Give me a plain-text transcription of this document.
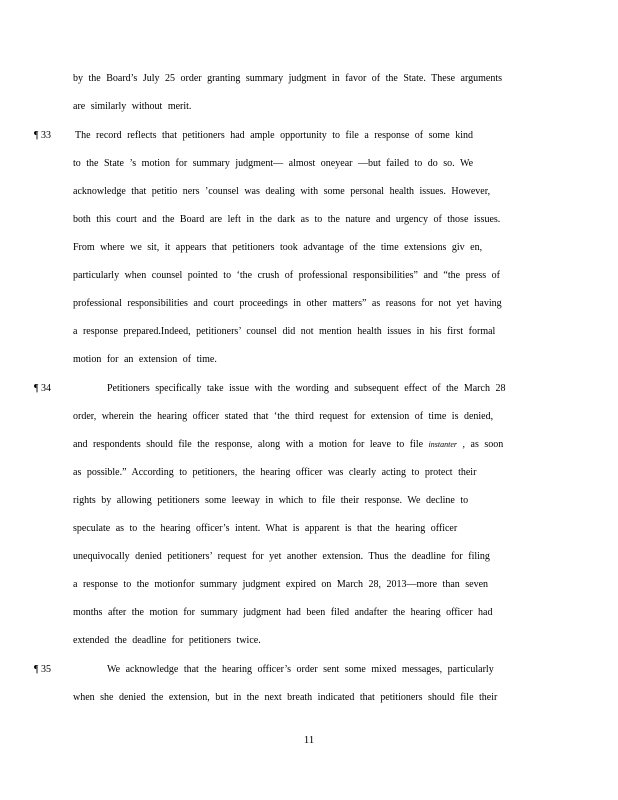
by the Board’s July 25 order granting summary judgment in favor of the State. These arguments
are similarly without merit.
¶ 33 The record reflects that petitioners had ample opportunity to file a response of some kind
to the State ’s motion for summary judgment— almost oneyear —but failed to do so. We
acknowledge that petitio ners ’counsel was dealing with some personal health issues. However,
both this court and the Board are left in the dark as to the nature and urgency of those issues.
From where we sit, it appears that petitioners took advantage of the time extensions giv en,
particularly when counsel pointed to ‘the crush of professional responsibilities” and “the press of
professional responsibilities and court proceedings in other matters” as reasons for not yet having
a response prepared.Indeed, petitioners’ counsel did not mention health issues in his first formal
motion for an extension of time.
¶ 34	Petitioners specifically take issue with the wording and subsequent effect of the March 28
order, wherein the hearing officer stated that ‘the third request for extension of time is denied,
and respondents should file the response, along with a motion for leave to file instanter , as soon
as possible.” According to petitioners, the hearing officer was clearly acting to protect their
rights by allowing petitioners some leeway in which to file their response. We decline to
speculate as to the hearing officer’s intent. What is apparent is that the hearing officer
unequivocally denied petitioners’ request for yet another extension. Thus the deadline for filing
a response to the motionfor summary judgment expired on March 28, 2013—more than seven
months after the motion for summary judgment had been filed andafter the hearing officer had
extended the deadline for petitioners twice.
¶ 35	We acknowledge that the hearing officer’s order sent some mixed messages, particularly
when she denied the extension, but in the next breath indicated that petitioners should file their
11
